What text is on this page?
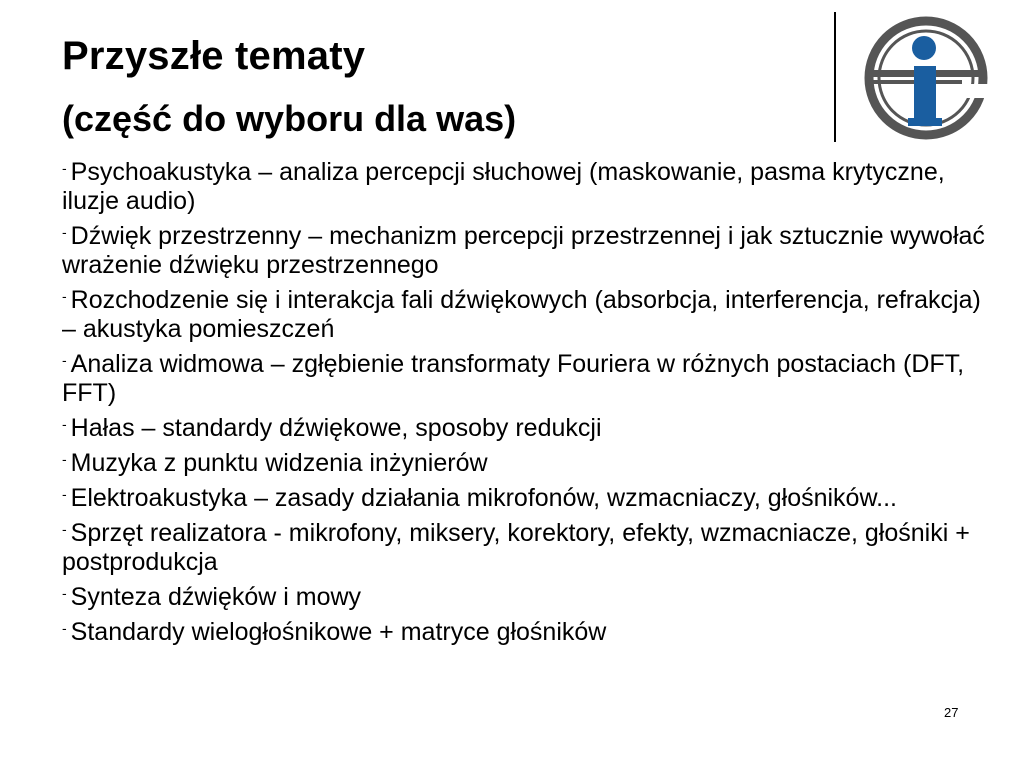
Przyszłe tematy
(część do wyboru dla was)
- Psychoakustyka – analiza percepcji słuchowej (maskowanie, pasma krytyczne, iluzje audio)
- Dźwięk przestrzenny – mechanizm percepcji przestrzennej i jak sztucznie wywołać wrażenie dźwięku przestrzennego
- Rozchodzenie się i interakcja fali dźwiękowych (absorbcja, interferencja, refrakcja) – akustyka pomieszczeń
- Analiza widmowa – zgłębienie transformaty Fouriera w różnych postaciach (DFT, FFT)
- Hałas – standardy dźwiękowe, sposoby redukcji
- Muzyka z punktu widzenia inżynierów
- Elektroakustyka – zasady działania mikrofonów, wzmacniaczy, głośników...
- Sprzęt realizatora - mikrofony, miksery, korektory, efekty, wzmacniacze, głośniki + postprodukcja
- Synteza dźwięków i mowy
- Standardy wielogłośnikowe + matryce głośników
27
